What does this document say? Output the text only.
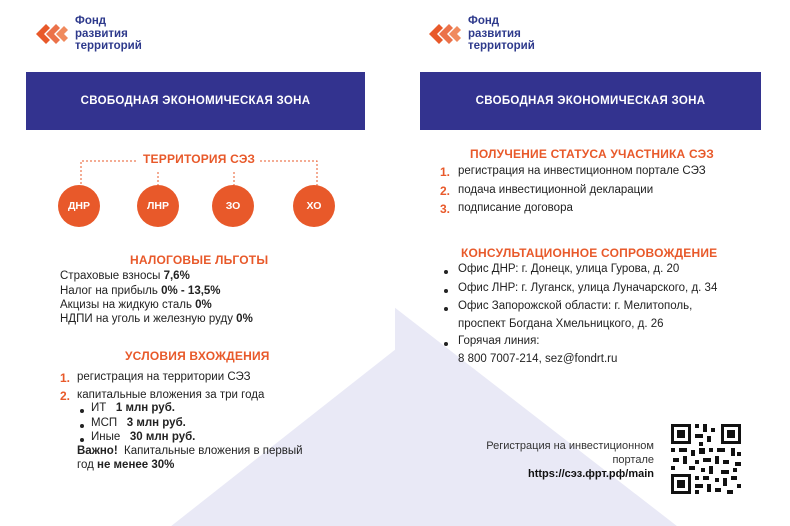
Фонд
развития
территорий
СВОБОДНАЯ ЭКОНОМИЧЕСКАЯ ЗОНА
ТЕРРИТОРИЯ СЭЗ
ДНР	ЛНР	ЗО	ХО
НАЛОГОВЫЕ ЛЬГОТЫ
Страховые взносы 7,6%
Налог на прибыль 0% - 13,5%
Акцизы на жидкую сталь 0%
НДПИ на уголь и железную руду 0%
УСЛОВИЯ ВХОЖДЕНИЯ
1. регистрация на территории СЭЗ
2. капитальные вложения за три года
ИТ 1 млн руб.
МСП 3 млн руб.
Иные 30 млн руб.
Важно! Капитальные вложения в первый
год не менее 30%
Фонд
развития
территорий
СВОБОДНАЯ ЭКОНОМИЧЕСКАЯ ЗОНА
ПОЛУЧЕНИЕ СТАТУСА УЧАСТНИКА СЭЗ
1. регистрация на инвестиционном портале СЭЗ
2. подача инвестиционной декларации
3. подписание договора
КОНСУЛЬТАЦИОННОЕ СОПРОВОЖДЕНИЕ
Офис ДНР: г. Донецк, улица Гурова, д. 20
Офис ЛНР: г. Луганск, улица Луначарского, д. 34
Офис Запорожской области: г. Мелитополь,
проспект Богдана Хмельницкого, д. 26
Горячая линия:
8 800 7007-214, sez@fondrt.ru
Регистрация на инвестиционном
портале
https://сэз.фрт.рф/main
